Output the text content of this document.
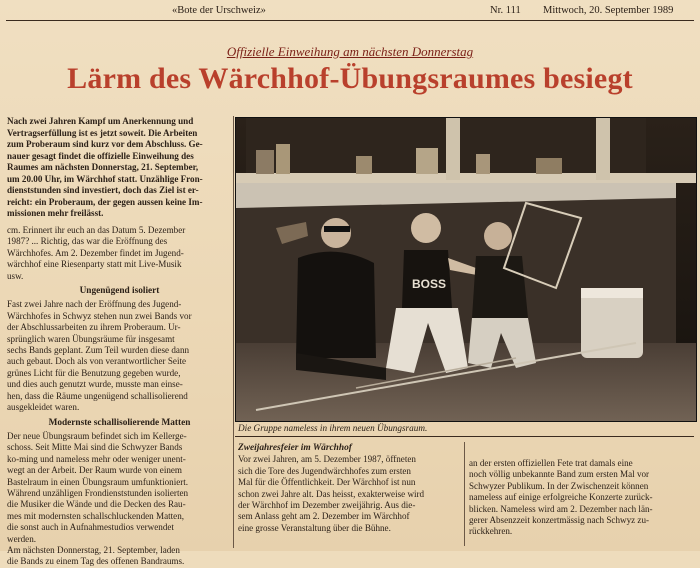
«Bote der Urschweiz»	Nr. 111 Mittwoch, 20. September 1989
Offizielle Einweihung am nächsten Donnerstag
Lärm des Wärchhof-Übungsraumes besiegt
Nach zwei Jahren Kampf um Anerkennung und
Vertragserfüllung ist es jetzt soweit. Die Arbeiten
zum Proberaum sind kurz vor dem Abschluss. Ge-
nauer gesagt findet die offizielle Einweihung des
Raumes am nächsten Donnerstag, 21. September,
um 20.00 Uhr, im Wärchhof statt. Unzählige Fron-
dienststunden sind investiert, doch das Ziel ist er-
reicht: ein Proberaum, der gegen aussen keine Im-
missionen mehr freilässt.
cm. Erinnert ihr euch an das Datum 5. Dezember
1987? ... Richtig, das war die Eröffnung des
Wärchhofes. Am 2. Dezember findet im Jugend-
wärchhof eine Riesenparty statt mit Live-Musik
usw.
Ungenügend isoliert
Fast zwei Jahre nach der Eröffnung des Jugend-
Wärchhofes in Schwyz stehen nun zwei Bands vor
der Abschlussarbeiten zu ihrem Proberaum. Ur-
sprünglich waren Übungsräume für insgesamt
sechs Bands geplant. Zum Teil wurden diese dann
auch gebaut. Doch als von verantwortlicher Seite
grünes Licht für die Benutzung gegeben wurde,
und dies auch genutzt wurde, musste man einse-
hen, dass die Räume ungenügend schallisolierend
ausgekleidet waren.
Modernste schallisolierende Matten
Der neue Übungsraum befindet sich im Kellerge-
schoss. Seit Mitte Mai sind die Schwyzer Bands
ko-ming und nameless mehr oder weniger unent-
wegt an der Arbeit. Der Raum wurde von einem
Bastelraum in einen Übungsraum umfunktioniert.
Während unzähligen Frondienststunden isolierten
die Musiker die Wände und die Decken des Rau-
mes mit modernsten schallschluckenden Matten,
die sonst auch in Aufnahmestudios verwendet
werden.
Am nächsten Donnerstag, 21. September, laden
die Bands zu einem Tag des offenen Bandraums.
BOSS
Die Gruppe nameless in ihrem neuen Übungsraum.
Zweijahresfeier im Wärchhof
Vor zwei Jahren, am 5. Dezember 1987, öffneten
sich die Tore des Jugendwärchhofes zum ersten
Mal für die Öffentlichkeit. Der Wärchhof ist nun
schon zwei Jahre alt. Das heisst, exakterweise wird
der Wärchhof im Dezember zweijährig. Aus die-
sem Anlass geht am 2. Dezember im Wärchhof
eine grosse Veranstaltung über die Bühne.
an der ersten offiziellen Fete trat damals eine
noch völlig unbekannte Band zum ersten Mal vor
Schwyzer Publikum. In der Zwischenzeit können
nameless auf einige erfolgreiche Konzerte zurück-
blicken. Nameless wird am 2. Dezember nach län-
gerer Absenzzeit konzertmässig nach Schwyz zu-
rückkehren.
